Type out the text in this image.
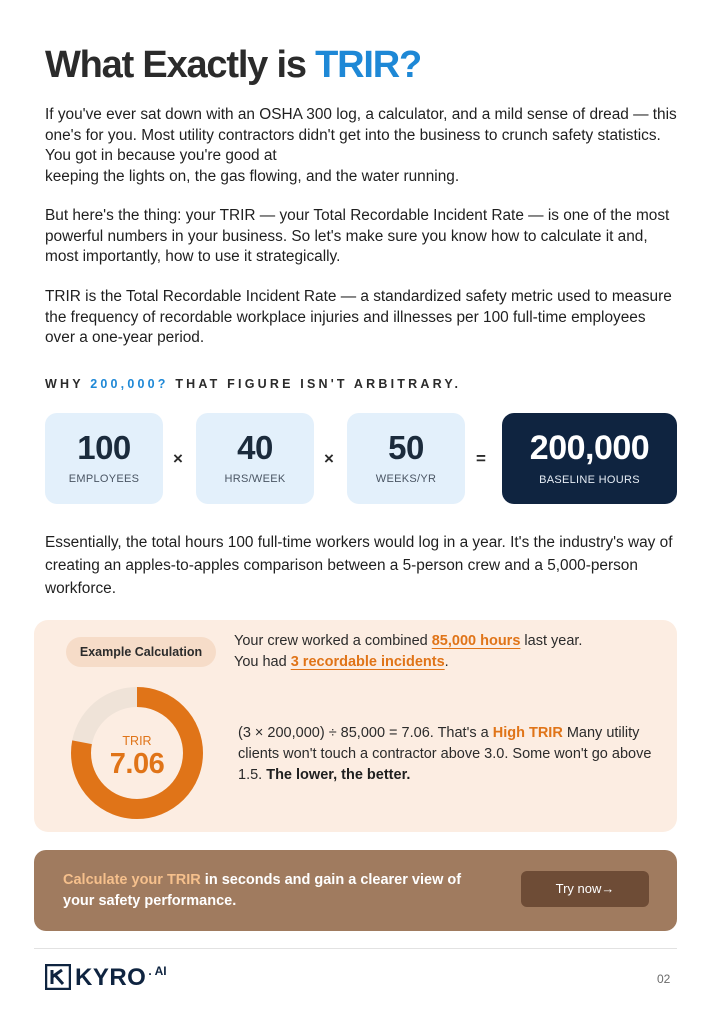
What Exactly is TRIR?
If you've ever sat down with an OSHA 300 log, a calculator, and a mild sense of dread — this one's for you. Most utility contractors didn't get into the business to crunch safety statistics. You got in because you're good at
keeping the lights on, the gas flowing, and the water running.
But here's the thing: your TRIR — your Total Recordable Incident Rate — is one of the most powerful numbers in your business. So let's make sure you know how to calculate it and, most importantly, how to use it strategically.
TRIR is the Total Recordable Incident Rate — a standardized safety metric used to measure the frequency of recordable workplace injuries and illnesses per 100 full-time employees over a one-year period.
WHY 200,000? THAT FIGURE ISN'T ARBITRARY.
100
EMPLOYEES
×	40
HRS/WEEK
×	50
WEEKS/YR
=	200,000
BASELINE HOURS
Essentially, the total hours 100 full-time workers would log in a year. It's the industry's way of creating an apples-to-apples comparison between a 5-person crew and a 5,000-person workforce.
Example Calculation
Your crew worked a combined 85,000 hours last year.
You had 3 recordable incidents.
TRIR
7.06
(3 × 200,000) ÷ 85,000 = 7.06. That's a High TRIR Many utility clients won't touch a contractor above 3.0. Some won't go above 1.5. The lower, the better.
Calculate your TRIR in seconds and gain a clearer view of your safety performance.
Try now→
KYRO . AI
02
